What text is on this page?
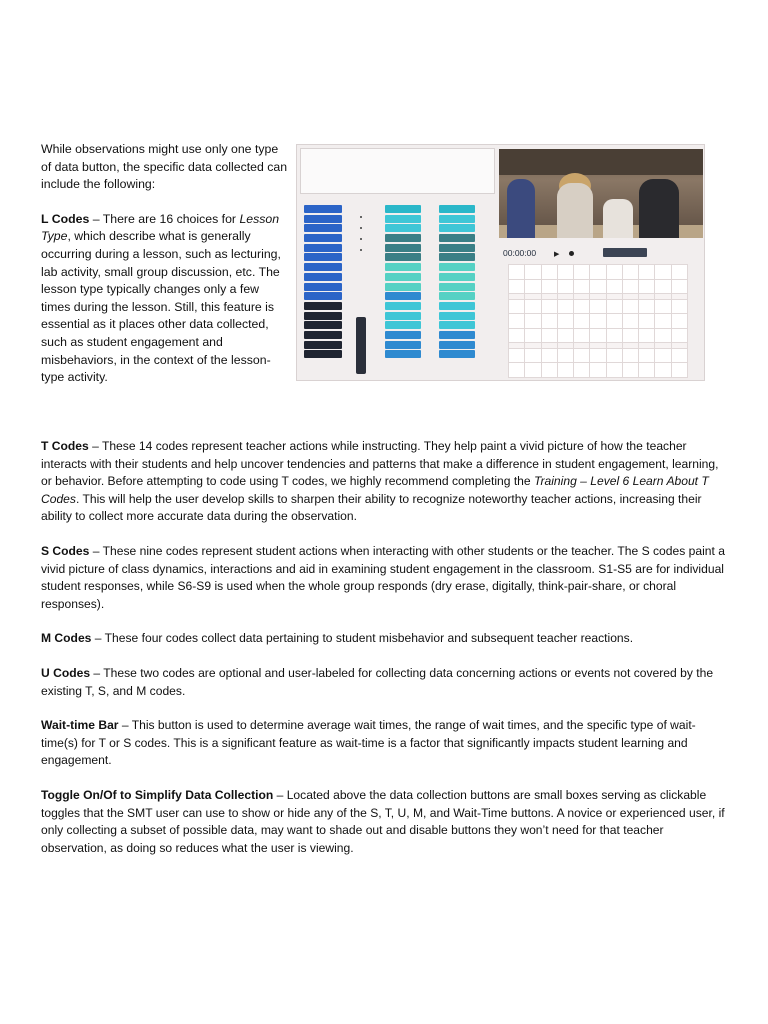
While observations might use only one type of data button, the specific data collected can include the following:

L Codes – There are 16 choices for Lesson Type, which describe what is generally occurring during a lesson, such as lecturing, lab activity, small group discussion, etc. The lesson type typically changes only a few times during the lesson. Still, this feature is essential as it places other data collected, such as student engagement and misbehaviors, in the context of the lesson-type activity.

00:00:00	▶

T Codes – These 14 codes represent teacher actions while instructing. They help paint a vivid picture of how the teacher interacts with their students and help uncover tendencies and patterns that make a difference in student engagement, learning, or behavior. Before attempting to code using T codes, we highly recommend completing the Training – Level 6 Learn About T Codes. This will help the user develop skills to sharpen their ability to recognize noteworthy teacher actions, increasing their ability to collect more accurate data during the observation.

S Codes – These nine codes represent student actions when interacting with other students or the teacher. The S codes paint a vivid picture of class dynamics, interactions and aid in examining student engagement in the classroom. S1-S5 are for individual student responses, while S6-S9 is used when the whole group responds (dry erase, digitally, think-pair-share, or choral responses).

M Codes – These four codes collect data pertaining to student misbehavior and subsequent teacher reactions.

U Codes – These two codes are optional and user-labeled for collecting data concerning actions or events not covered by the existing T, S, and M codes.

Wait-time Bar – This button is used to determine average wait times, the range of wait times, and the specific type of wait-time(s) for T or S codes. This is a significant feature as wait-time is a factor that significantly impacts student learning and engagement.

Toggle On/Of to Simplify Data Collection – Located above the data collection buttons are small boxes serving as clickable toggles that the SMT user can use to show or hide any of the S, T, U, M, and Wait-Time buttons. A novice or experienced user, if only collecting a subset of possible data, may want to shade out and disable buttons they won’t need for that teacher observation, as doing so reduces what the user is viewing.
